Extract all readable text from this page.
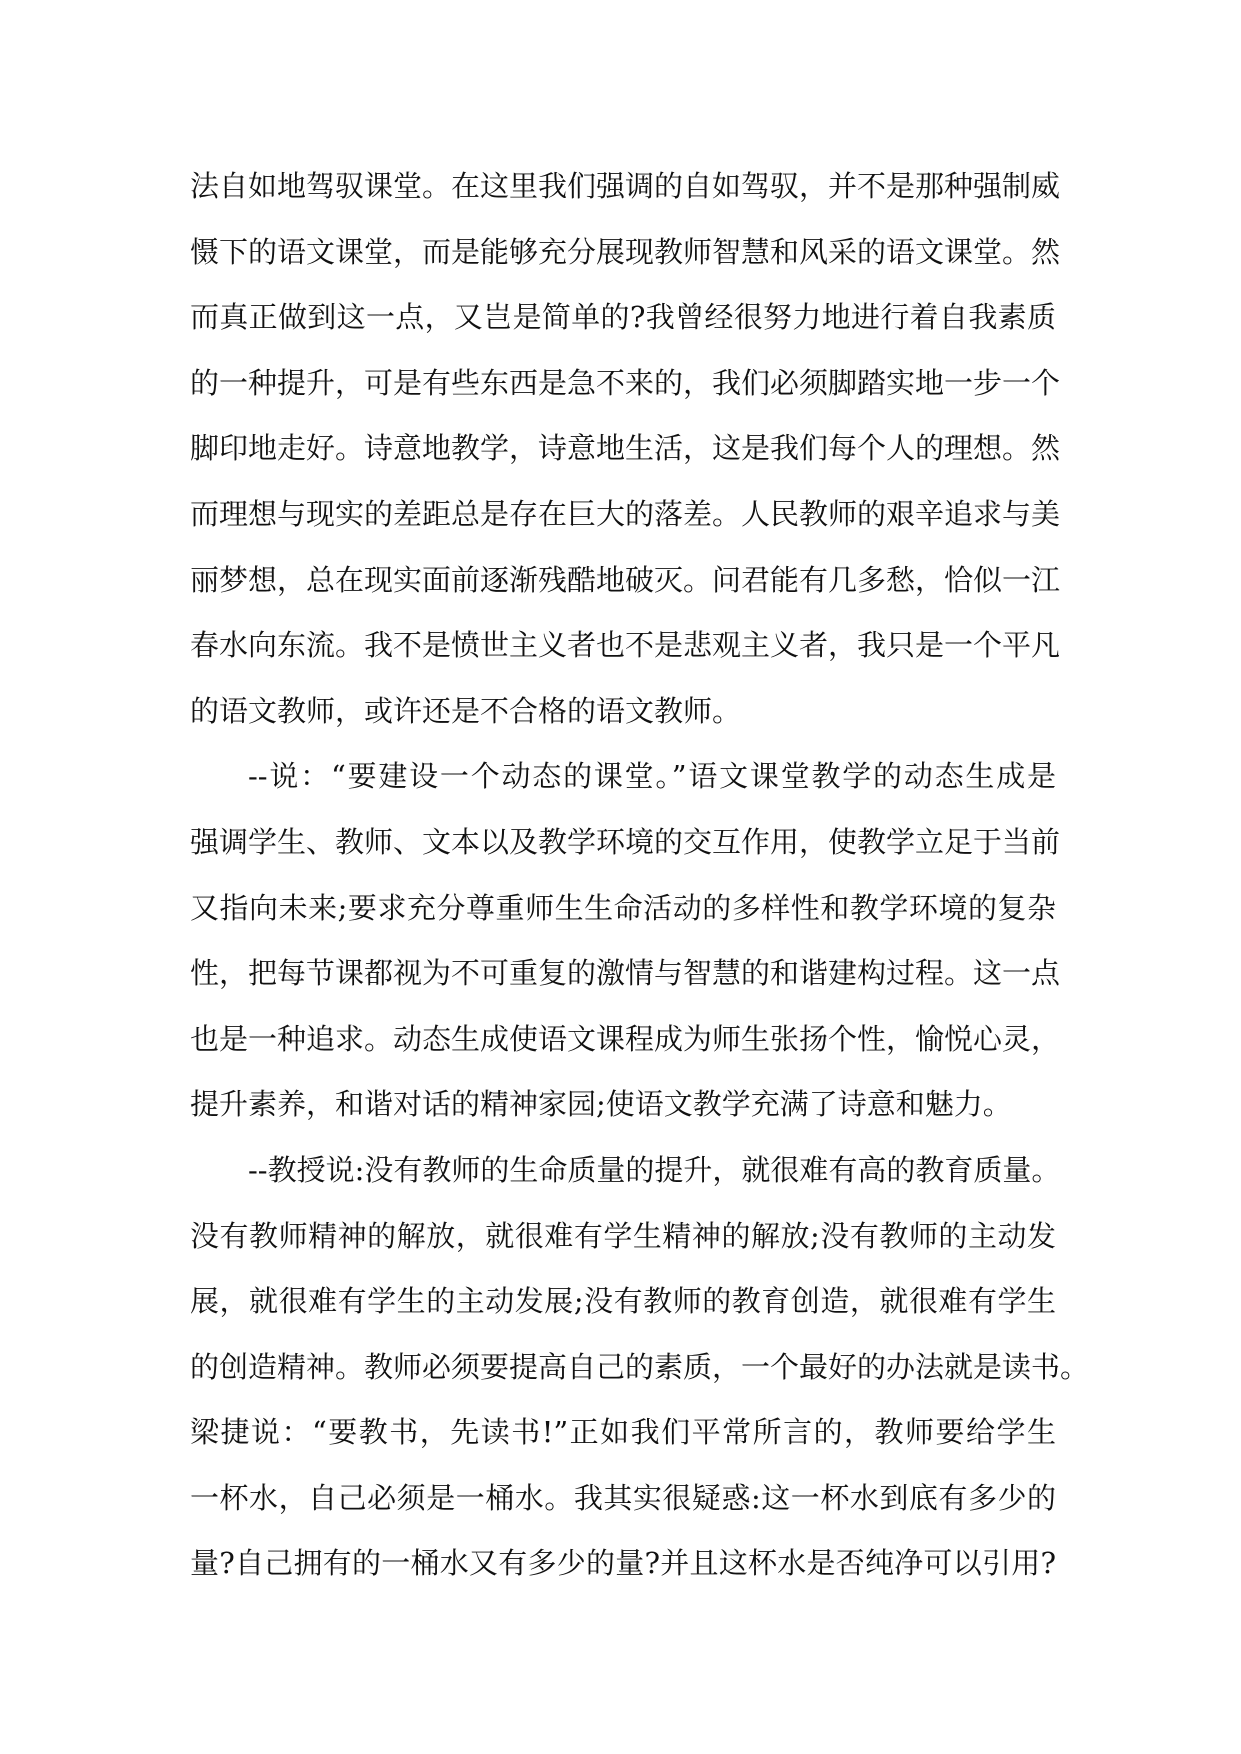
法自如地驾驭课堂。在这里我们强调的自如驾驭，并不是那种强制威
慑下的语文课堂，而是能够充分展现教师智慧和风采的语文课堂。然
而真正做到这一点，又岂是简单的?我曾经很努力地进行着自我素质
的一种提升，可是有些东西是急不来的，我们必须脚踏实地一步一个
脚印地走好。诗意地教学，诗意地生活，这是我们每个人的理想。然
而理想与现实的差距总是存在巨大的落差。人民教师的艰辛追求与美
丽梦想，总在现实面前逐渐残酷地破灭。问君能有几多愁，恰似一江
春水向东流。我不是愤世主义者也不是悲观主义者，我只是一个平凡
的语文教师，或许还是不合格的语文教师。
--说：“要建设一个动态的课堂。”语文课堂教学的动态生成是
强调学生、教师、文本以及教学环境的交互作用，使教学立足于当前
又指向未来;要求充分尊重师生生命活动的多样性和教学环境的复杂
性，把每节课都视为不可重复的激情与智慧的和谐建构过程。这一点
也是一种追求。动态生成使语文课程成为师生张扬个性，愉悦心灵，
提升素养，和谐对话的精神家园;使语文教学充满了诗意和魅力。
--教授说:没有教师的生命质量的提升，就很难有高的教育质量。
没有教师精神的解放，就很难有学生精神的解放;没有教师的主动发
展，就很难有学生的主动发展;没有教师的教育创造，就很难有学生
的创造精神。教师必须要提高自己的素质，一个最好的办法就是读书。
梁捷说：“要教书，先读书!”正如我们平常所言的，教师要给学生
一杯水，自己必须是一桶水。我其实很疑惑:这一杯水到底有多少的
量?自己拥有的一桶水又有多少的量?并且这杯水是否纯净可以引用?
